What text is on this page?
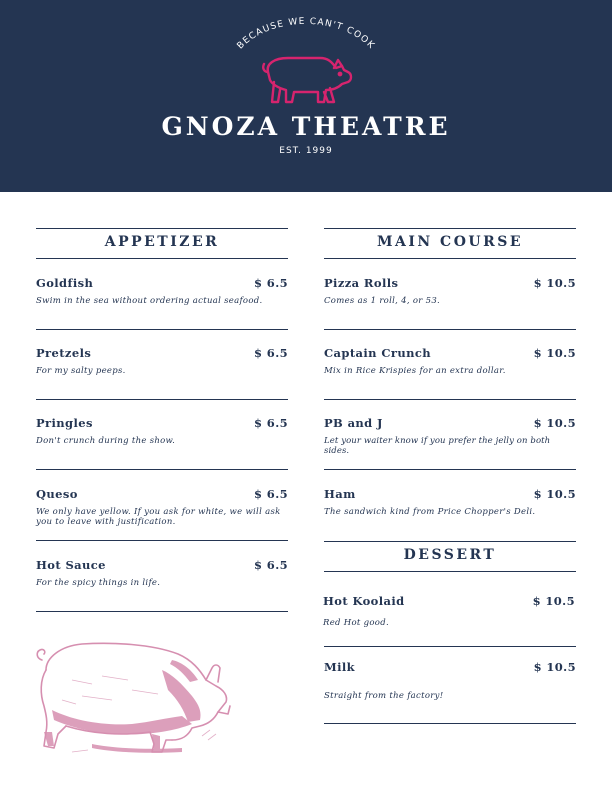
BECAUSE WE CAN'T COOK
GNOZA THEATRE
EST. 1999
APPETIZER
Goldfish	$ 6.5
Swim in the sea without ordering actual seafood.
Pretzels	$ 6.5
For my salty peeps.
Pringles	$ 6.5
Don't crunch during the show.
Queso	$ 6.5
We only have yellow. If you ask for white, we will ask you to leave with justification.
Hot Sauce	$ 6.5
For the spicy things in life.
MAIN COURSE
Pizza Rolls	$ 10.5
Comes as 1 roll, 4, or 53.
Captain Crunch	$ 10.5
Mix in Rice Krispies for an extra dollar.
PB and J	$ 10.5
Let your waiter know if you prefer the jelly on both sides.
Ham	$ 10.5
The sandwich kind from Price Chopper's Deli.
DESSERT
Hot Koolaid	$ 10.5
Red Hot good.
Milk	$ 10.5
Straight from the factory!
